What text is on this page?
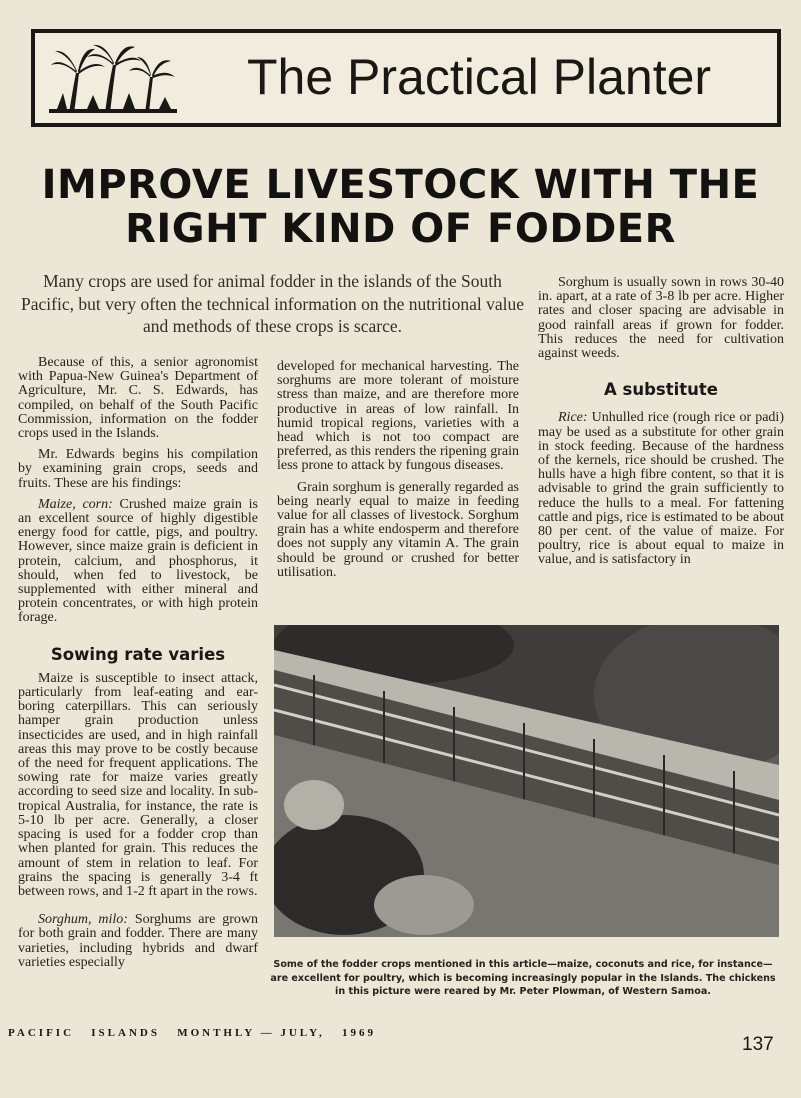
The Practical Planter
IMPROVE LIVESTOCK WITH THE
RIGHT KIND OF FODDER
Many crops are used for animal fodder in the islands of the South Pacific, but very often the technical information on the nutritional value and methods of these crops is scarce.

Because of this, a senior agronomist with Papua-New Guinea's Department of Agriculture, Mr. C. S. Edwards, has compiled, on behalf of the South Pacific Commission, information on the fodder crops used in the Islands.

Mr. Edwards begins his compilation by examining grain crops, seeds and fruits. These are his findings:

Maize, corn: Crushed maize grain is an excellent source of highly digestible energy food for cattle, pigs, and poultry. However, since maize grain is deficient in protein, calcium, and phosphorus, it should, when fed to livestock, be supplemented with either mineral and protein concentrates, or with high protein forage.

Sowing rate varies

Maize is susceptible to insect attack, particularly from leaf-eating and ear-boring caterpillars. This can seriously hamper grain production unless insecticides are used, and in high rainfall areas this may prove to be costly because of the need for frequent applications. The sowing rate for maize varies greatly according to seed size and locality. In sub-tropical Australia, for instance, the rate is 5-10 lb per acre. Generally, a closer spacing is used for a fodder crop than when planted for grain. This reduces the amount of stem in relation to leaf. For grains the spacing is generally 3-4 ft between rows, and 1-2 ft apart in the rows.

Sorghum, milo: Sorghums are grown for both grain and fodder. There are many varieties, including hybrids and dwarf varieties especially

developed for mechanical harvesting. The sorghums are more tolerant of moisture stress than maize, and are therefore more productive in areas of low rainfall. In humid tropical regions, varieties with a head which is not too compact are preferred, as this renders the ripening grain less prone to attack by fungous diseases.

Grain sorghum is generally regarded as being nearly equal to maize in feeding value for all classes of livestock. Sorghum grain has a white endosperm and therefore does not supply any vitamin A. The grain should be ground or crushed for better utilisation.

Sorghum is usually sown in rows 30-40 in. apart, at a rate of 3-8 lb per acre. Higher rates and closer spacing are advisable in good rainfall areas if grown for fodder. This reduces the need for cultivation against weeds.

A substitute

Rice: Unhulled rice (rough rice or padi) may be used as a substitute for other grain in stock feeding. Because of the hardness of the kernels, rice should be crushed. The hulls have a high fibre content, so that it is advisable to grind the grain sufficiently to reduce the hulls to a meal. For fattening cattle and pigs, rice is estimated to be about 80 per cent. of the value of maize. For poultry, rice is about equal to maize in value, and is satisfactory in

Some of the fodder crops mentioned in this article—maize, coconuts and rice, for instance—are excellent for poultry, which is becoming increasingly popular in the Islands. The chickens in this picture were reared by Mr. Peter Plowman, of Western Samoa.
PACIFIC   ISLANDS   MONTHLY — JULY,   1969
137
